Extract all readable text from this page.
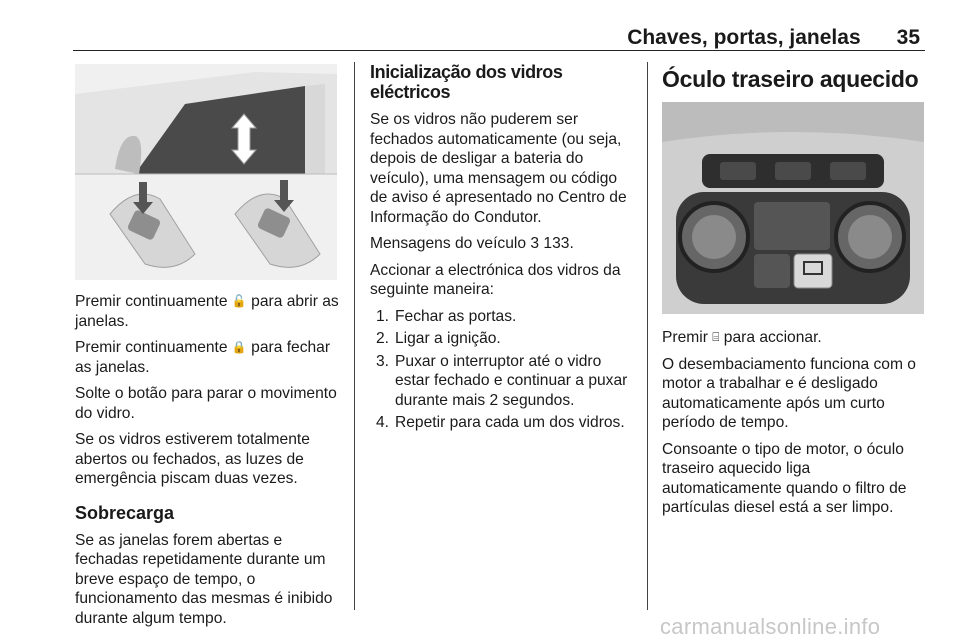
Chaves, portas, janelas 35

Premir continuamente 🔓 para abrir as janelas.

Premir continuamente 🔒 para fechar as janelas.

Solte o botão para parar o movimento do vidro.

Se os vidros estiverem totalmente abertos ou fechados, as luzes de emergência piscam duas vezes.

Sobrecarga

Se as janelas forem abertas e fechadas repetidamente durante um breve espaço de tempo, o funcionamento das mesmas é inibido durante algum tempo.

Inicialização dos vidros eléctricos

Se os vidros não puderem ser fechados automaticamente (ou seja, depois de desligar a bateria do veículo), uma mensagem ou código de aviso é apresentado no Centro de Informação do Condutor.

Mensagens do veículo 3 133.

Accionar a electrónica dos vidros da seguinte maneira:

1. Fechar as portas.
2. Ligar a ignição.
3. Puxar o interruptor até o vidro estar fechado e continuar a puxar durante mais 2 segundos.
4. Repetir para cada um dos vidros.
Óculo traseiro aquecido

Premir ⌸ para accionar.

O desembaciamento funciona com o motor a trabalhar e é desligado automaticamente após um curto período de tempo.

Consoante o tipo de motor, o óculo traseiro aquecido liga automaticamente quando o filtro de partículas diesel está a ser limpo.

carmanualsonline.info
